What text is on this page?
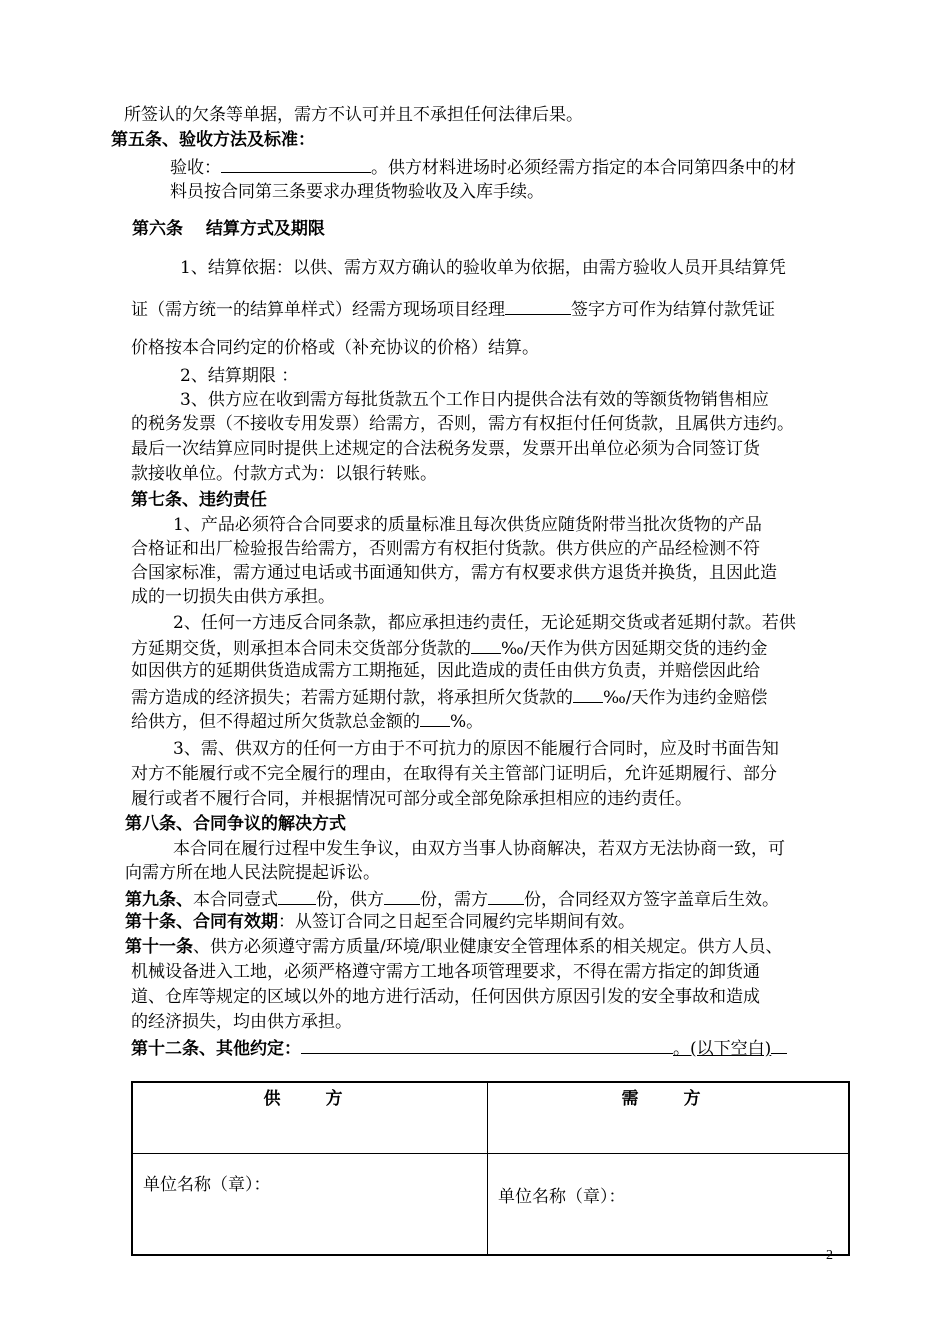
所签认的欠条等单据，需方不认可并且不承担任何法律后果。
第五条、验收方法及标准：
验收：	。供方材料进场时必须经需方指定的本合同第四条中的材
料员按合同第三条要求办理货物验收及入库手续。
第六条　 结算方式及期限
1、结算依据：以供、需方双方确认的验收单为依据，由需方验收人员开具结算凭
证（需方统一的结算单样式）经需方现场项目经理	签字方可作为结算付款凭证
价格按本合同约定的价格或（补充协议的价格）结算。
2、结算期限 ：
3、供方应在收到需方每批货款五个工作日内提供合法有效的等额货物销售相应
的税务发票（不接收专用发票）给需方，否则，需方有权拒付任何货款，且属供方违约。
最后一次结算应同时提供上述规定的合法税务发票，发票开出单位必须为合同签订货
款接收单位。付款方式为：以银行转账。
第七条、违约责任
1、产品必须符合合同要求的质量标准且每次供货应随货附带当批次货物的产品
合格证和出厂检验报告给需方，否则需方有权拒付货款。供方供应的产品经检测不符
合国家标准，需方通过电话或书面通知供方，需方有权要求供方退货并换货，且因此造
成的一切损失由供方承担。
2、任何一方违反合同条款，都应承担违约责任，无论延期交货或者延期付款。若供
方延期交货，则承担本合同未交货部分货款的 ‰/天作为供方因延期交货的违约金
如因供方的延期供货造成需方工期拖延，因此造成的责任由供方负责，并赔偿因此给
需方造成的经济损失；若需方延期付款，将承担所欠货款的 ‰/天作为违约金赔偿
给供方，但不得超过所欠货款总金额的 %。
3、需、供双方的任何一方由于不可抗力的原因不能履行合同时，应及时书面告知
对方不能履行或不完全履行的理由，在取得有关主管部门证明后，允许延期履行、部分
履行或者不履行合同，并根据情况可部分或全部免除承担相应的违约责任。
第八条、合同争议的解决方式
本合同在履行过程中发生争议，由双方当事人协商解决，若双方无法协商一致，可
向需方所在地人民法院提起诉讼。
第九条、本合同壹式 份，供方 份，需方 份，合同经双方签字盖章后生效。
第十条、合同有效期：从签订合同之日起至合同履约完毕期间有效。
第十一条、供方必须遵守需方质量/环境/职业健康安全管理体系的相关规定。供方人员、
机械设备进入工地，必须严格遵守需方工地各项管理要求，不得在需方指定的卸货通
道、仓库等规定的区域以外的地方进行活动，任何因供方原因引发的安全事故和造成
的经济损失，均由供方承担。
第十二条、其他约定：	。(以下空白)
供　方	需　方
单位名称（章）：	单位名称（章）：
2
